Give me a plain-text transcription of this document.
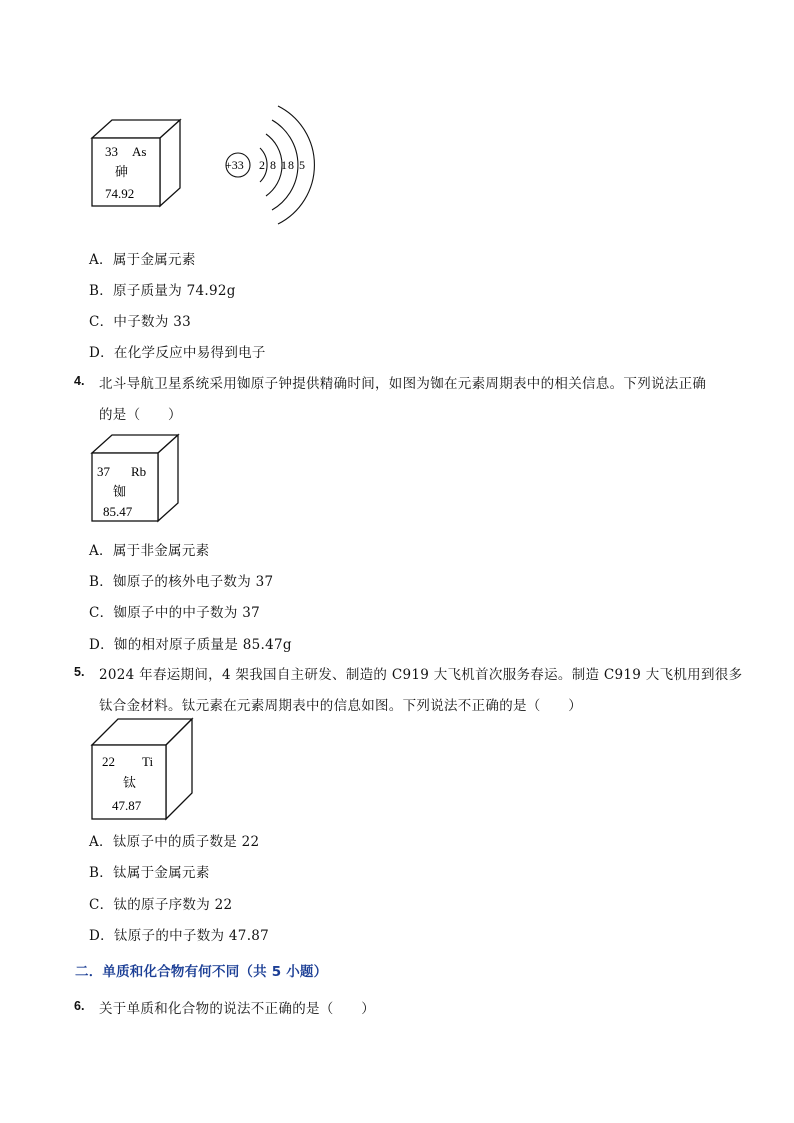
33 As
砷
74.92
+33 2 8 18 5
A．属于金属元素
B．原子质量为 74.92g
C．中子数为 33
D．在化学反应中易得到电子
4. 北斗导航卫星系统采用铷原子钟提供精确时间，如图为铷在元素周期表中的相关信息。下列说法正确
的是（　　）
37 Rb
铷
85.47
A．属于非金属元素
B．铷原子的核外电子数为 37
C．铷原子中的中子数为 37
D．铷的相对原子质量是 85.47g
5. 2024 年春运期间，4 架我国自主研发、制造的 C919 大飞机首次服务春运。制造 C919 大飞机用到很多
钛合金材料。钛元素在元素周期表中的信息如图。下列说法不正确的是（　　）
22 Ti
钛
47.87
A．钛原子中的质子数是 22
B．钛属于金属元素
C．钛的原子序数为 22
D．钛原子的中子数为 47.87
二．单质和化合物有何不同（共 5 小题）
6. 关于单质和化合物的说法不正确的是（　　）
